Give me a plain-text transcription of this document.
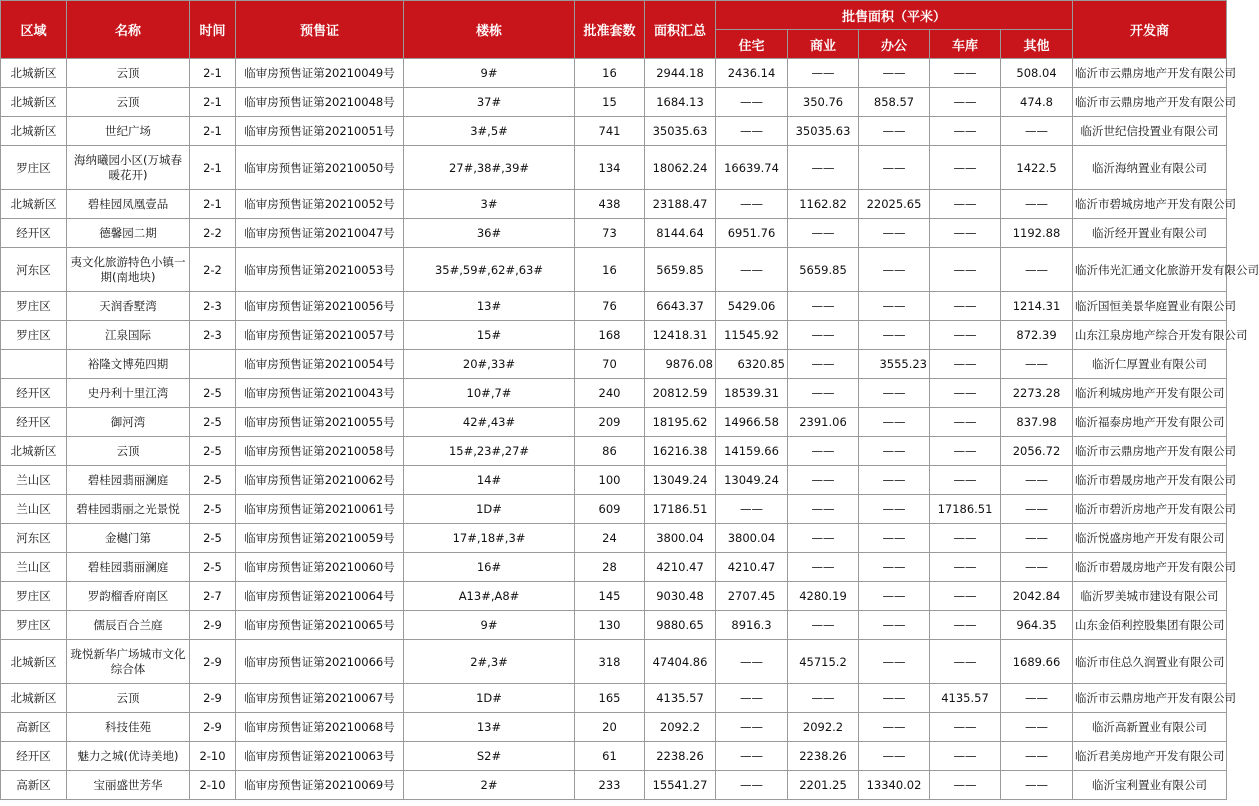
区域	名称	时间	预售证	楼栋	批准套数	面积汇总	批售面积（平米）					开发商
							住宅	商业	办公	车库	其他	
北城新区	云顶	2-1	临审房预售证第20210049号	9#	16	2944.18	2436.14	——	——	——	508.04	临沂市云鼎房地产开发有限公司
北城新区	云顶	2-1	临审房预售证第20210048号	37#	15	1684.13	——	350.76	858.57	——	474.8	临沂市云鼎房地产开发有限公司
北城新区	世纪广场	2-1	临审房预售证第20210051号	3#,5#	741	35035.63	——	35035.63	——	——	——	临沂世纪信投置业有限公司
罗庄区	海纳曦园小区(万城春暖花开)	2-1	临审房预售证第20210050号	27#,38#,39#	134	18062.24	16639.74	——	——	——	1422.5	临沂海纳置业有限公司
北城新区	碧桂园凤凰壹品	2-1	临审房预售证第20210052号	3#	438	23188.47	——	1162.82	22025.65	——	——	临沂市碧城房地产开发有限公司
经开区	德馨园二期	2-2	临审房预售证第20210047号	36#	73	8144.64	6951.76	——	——	——	1192.88	临沂经开置业有限公司
河东区	夷文化旅游特色小镇一期(南地块)	2-2	临审房预售证第20210053号	35#,59#,62#,63#	16	5659.85	——	5659.85	——	——	——	临沂伟光汇通文化旅游开发有限公司
罗庄区	天润香墅湾	2-3	临审房预售证第20210056号	13#	76	6643.37	5429.06	——	——	——	1214.31	临沂国恒美景华庭置业有限公司
罗庄区	江泉国际	2-3	临审房预售证第20210057号	15#	168	12418.31	11545.92	——	——	——	872.39	山东江泉房地产综合开发有限公司
	裕隆文博苑四期		临审房预售证第20210054号	20#,33#	70	9876.08	6320.85	——	3555.23	——	——	临沂仁厚置业有限公司
经开区	史丹利十里江湾	2-5	临审房预售证第20210043号	10#,7#	240	20812.59	18539.31	——	——	——	2273.28	临沂利城房地产开发有限公司
经开区	御河湾	2-5	临审房预售证第20210055号	42#,43#	209	18195.62	14966.58	2391.06	——	——	837.98	临沂福泰房地产开发有限公司
北城新区	云顶	2-5	临审房预售证第20210058号	15#,23#,27#	86	16216.38	14159.66	——	——	——	2056.72	临沂市云鼎房地产开发有限公司
兰山区	碧桂园翡丽澜庭	2-5	临审房预售证第20210062号	14#	100	13049.24	13049.24	——	——	——	——	临沂市碧晟房地产开发有限公司
兰山区	碧桂园翡丽之光景悦	2-5	临审房预售证第20210061号	1D#	609	17186.51	——	——	——	17186.51	——	临沂市碧沂房地产开发有限公司
河东区	金樾门第	2-5	临审房预售证第20210059号	17#,18#,3#	24	3800.04	3800.04	——	——	——	——	临沂悦盛房地产开发有限公司
兰山区	碧桂园翡丽澜庭	2-5	临审房预售证第20210060号	16#	28	4210.47	4210.47	——	——	——	——	临沂市碧晟房地产开发有限公司
罗庄区	罗韵榴香府南区	2-7	临审房预售证第20210064号	A13#,A8#	145	9030.48	2707.45	4280.19	——	——	2042.84	临沂罗美城市建设有限公司
罗庄区	儒辰百合兰庭	2-9	临审房预售证第20210065号	9#	130	9880.65	8916.3	——	——	——	964.35	山东金佰利控股集团有限公司
北城新区	珑悦新华广场城市文化综合体	2-9	临审房预售证第20210066号	2#,3#	318	47404.86	——	45715.2	——	——	1689.66	临沂市住总久润置业有限公司
北城新区	云顶	2-9	临审房预售证第20210067号	1D#	165	4135.57	——	——	——	4135.57	——	临沂市云鼎房地产开发有限公司
高新区	科技佳苑	2-9	临审房预售证第20210068号	13#	20	2092.2	——	2092.2	——	——	——	临沂高新置业有限公司
经开区	魅力之城(优诗美地)	2-10	临审房预售证第20210063号	S2#	61	2238.26	——	2238.26	——	——	——	临沂君美房地产开发有限公司
高新区	宝丽盛世芳华	2-10	临审房预售证第20210069号	2#	233	15541.27	——	2201.25	13340.02	——	——	临沂宝利置业有限公司
